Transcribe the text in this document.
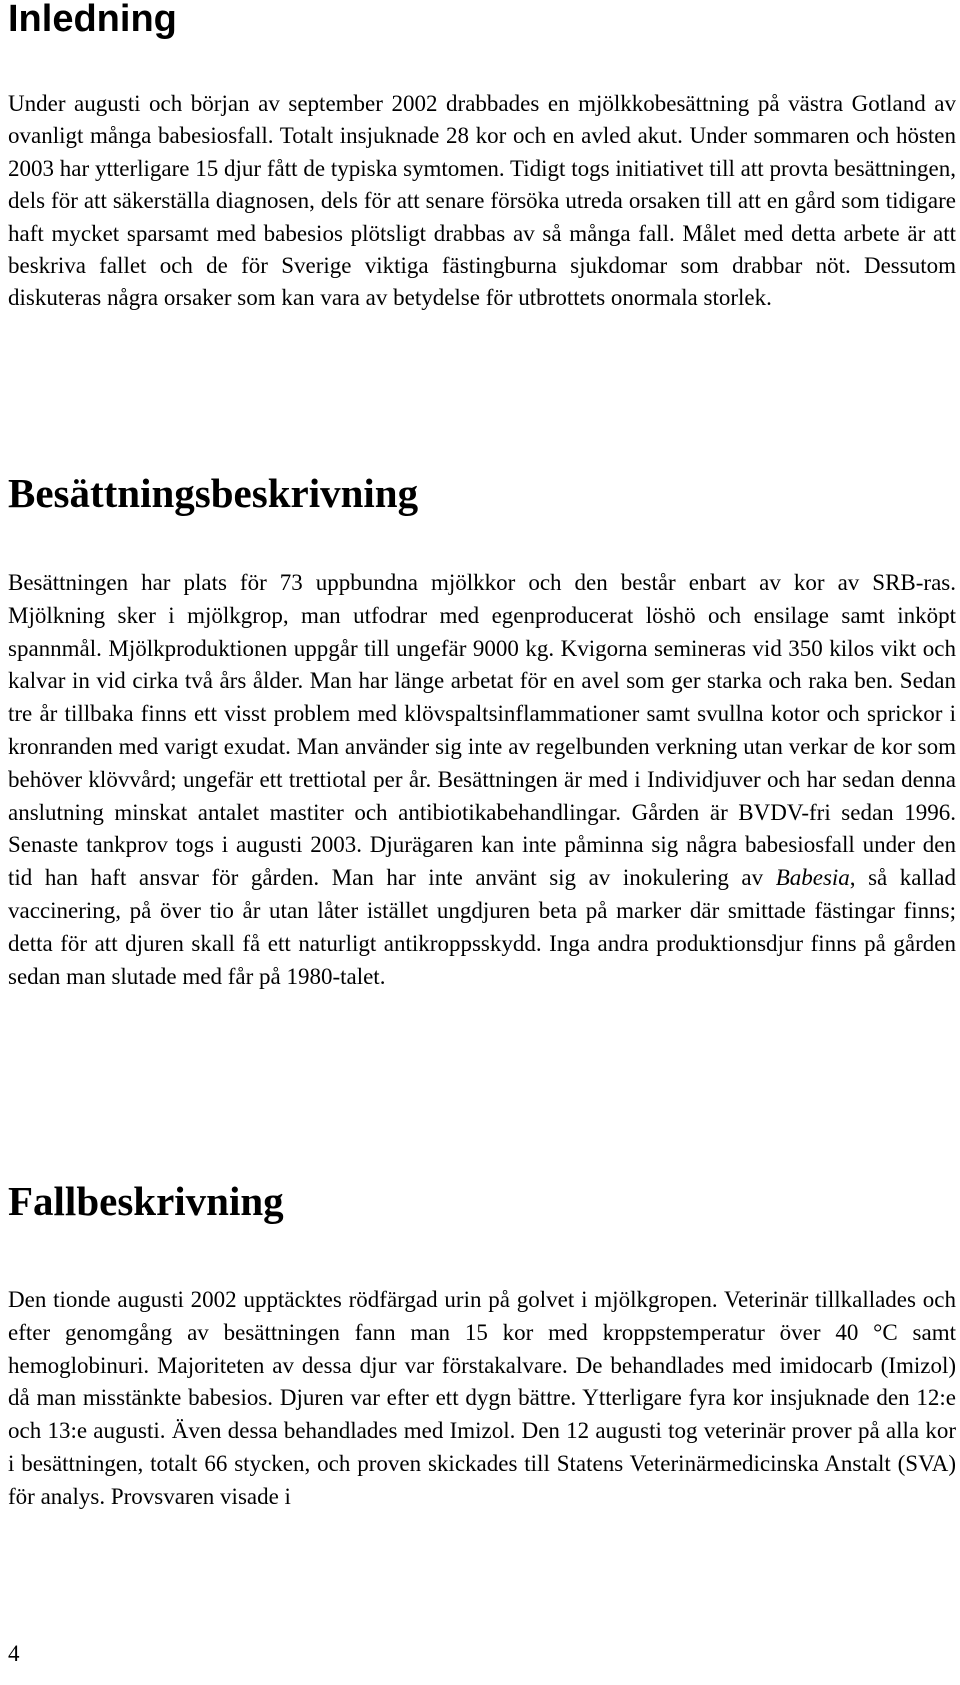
Inledning

Under augusti och början av september 2002 drabbades en mjölkkobesättning på västra Gotland av ovanligt många babesiosfall. Totalt insjuknade 28 kor och en avled akut. Under sommaren och hösten 2003 har ytterligare 15 djur fått de typiska symtomen. Tidigt togs initiativet till att provta besättningen, dels för att säkerställa diagnosen, dels för att senare försöka utreda orsaken till att en gård som tidigare haft mycket sparsamt med babesios plötsligt drabbas av så många fall. Målet med detta arbete är att beskriva fallet och de för Sverige viktiga fästingburna sjukdomar som drabbar nöt. Dessutom diskuteras några orsaker som kan vara av betydelse för utbrottets onormala storlek.

Besättningsbeskrivning

Besättningen har plats för 73 uppbundna mjölkkor och den består enbart av kor av SRB-ras. Mjölkning sker i mjölkgrop, man utfodrar med egenproducerat löshö och ensilage samt inköpt spannmål. Mjölkproduktionen uppgår till ungefär 9000 kg. Kvigorna semineras vid 350 kilos vikt och kalvar in vid cirka två års ålder. Man har länge arbetat för en avel som ger starka och raka ben. Sedan tre år tillbaka finns ett visst problem med klövspaltsinflammationer samt svullna kotor och sprickor i kronranden med varigt exudat. Man använder sig inte av regelbunden verkning utan verkar de kor som behöver klövvård; ungefär ett trettiotal per år. Besättningen är med i Individjuver och har sedan denna anslutning minskat antalet mastiter och antibiotikabehandlingar. Gården är BVDV-fri sedan 1996. Senaste tankprov togs i augusti 2003. Djurägaren kan inte påminna sig några babesiosfall under den tid han haft ansvar för gården. Man har inte använt sig av inokulering av Babesia, så kallad vaccinering, på över tio år utan låter istället ungdjuren beta på marker där smittade fästingar finns; detta för att djuren skall få ett naturligt antikroppsskydd. Inga andra produktionsdjur finns på gården sedan man slutade med får på 1980-talet.

Fallbeskrivning

Den tionde augusti 2002 upptäcktes rödfärgad urin på golvet i mjölkgropen. Veterinär tillkallades och efter genomgång av besättningen fann man 15 kor med kroppstemperatur över 40 °C samt hemoglobinuri. Majoriteten av dessa djur var förstakalvare. De behandlades med imidocarb (Imizol) då man misstänkte babesios. Djuren var efter ett dygn bättre. Ytterligare fyra kor insjuknade den 12:e och 13:e augusti. Även dessa behandlades med Imizol. Den 12 augusti tog veterinär prover på alla kor i besättningen, totalt 66 stycken, och proven skickades till Statens Veterinärmedicinska Anstalt (SVA) för analys. Provsvaren visade i

4
